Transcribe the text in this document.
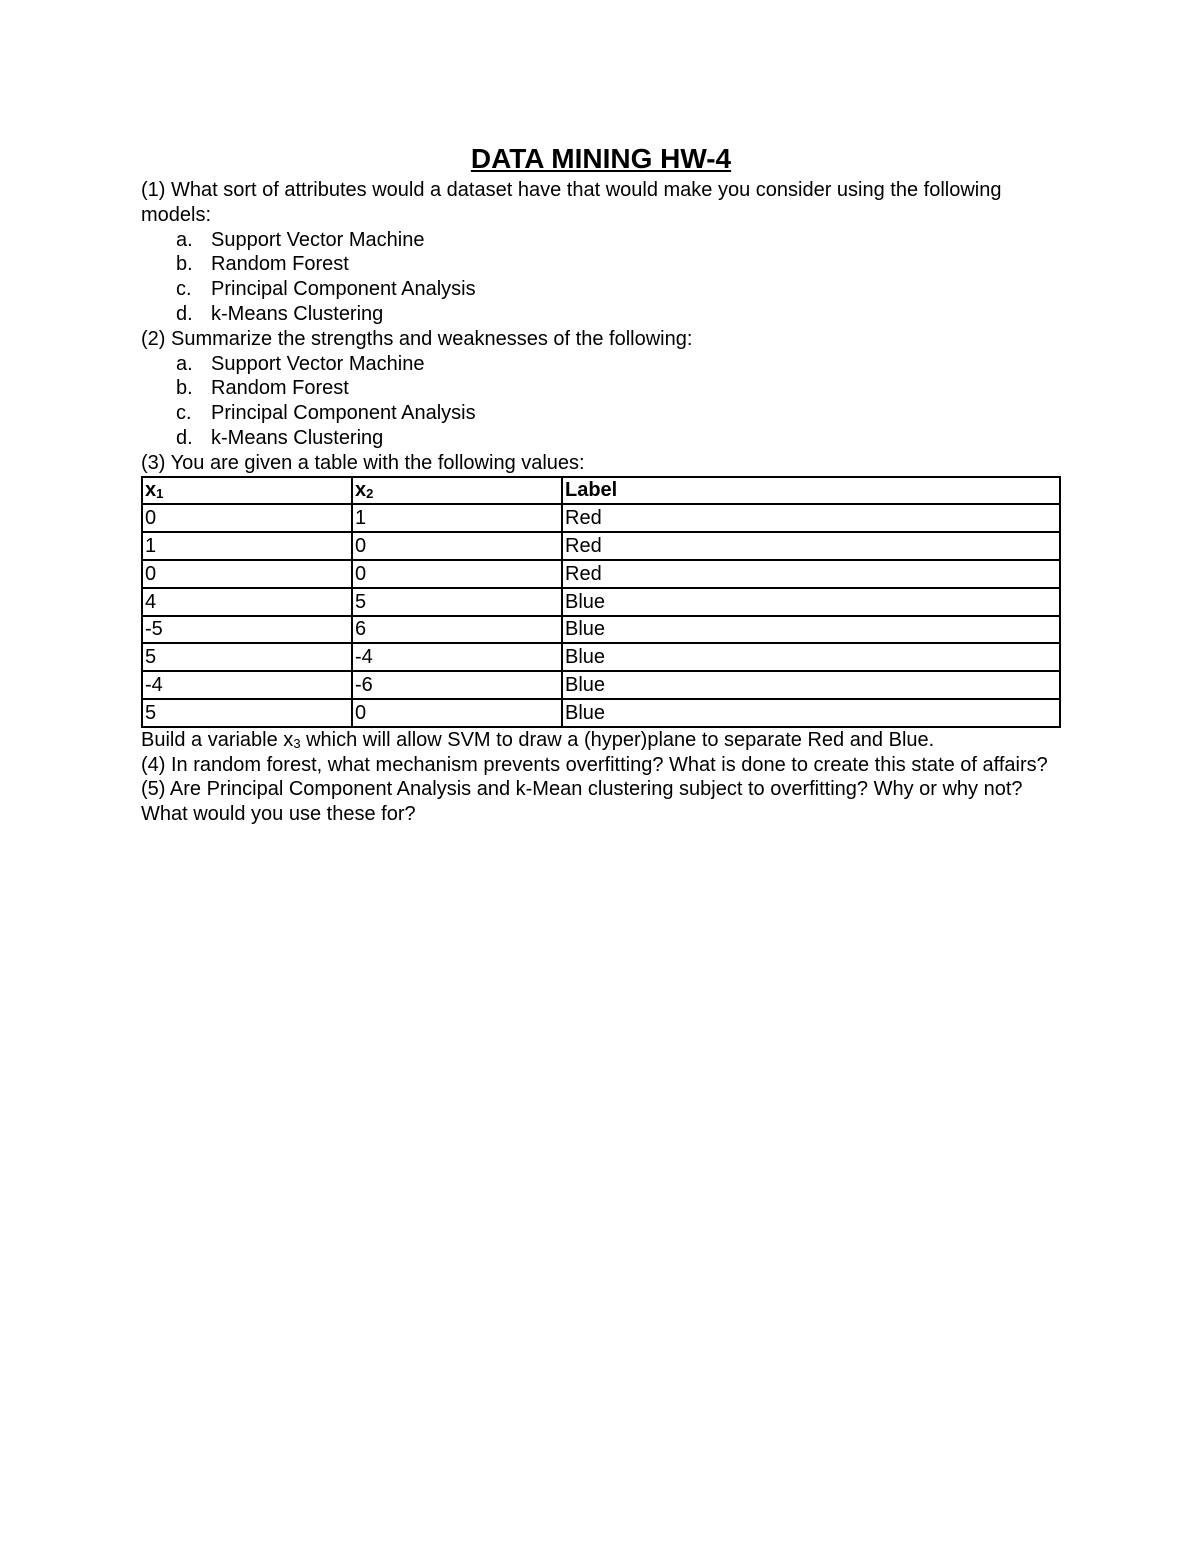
DATA MINING HW-4

(1) What sort of attributes would a dataset have that would make you consider using the following models:

a. Support Vector Machine
b. Random Forest
c. Principal Component Analysis
d. k-Means Clustering

(2) Summarize the strengths and weaknesses of the following:

a. Support Vector Machine
b. Random Forest
c. Principal Component Analysis
d. k-Means Clustering

(3) You are given a table with the following values:

$x_1$	$x_2$	Label
0	1	Red
1	0	Red
0	0	Red
4	5	Blue
-5	6	Blue
5	-4	Blue
-4	-6	Blue
5	0	Blue

Build a variable $x_3$ which will allow SVM to draw a (hyper)plane to separate Red and Blue.

(4) In random forest, what mechanism prevents overfitting? What is done to create this state of affairs?

(5) Are Principal Component Analysis and k-Mean clustering subject to overfitting? Why or why not? What would you use these for?
